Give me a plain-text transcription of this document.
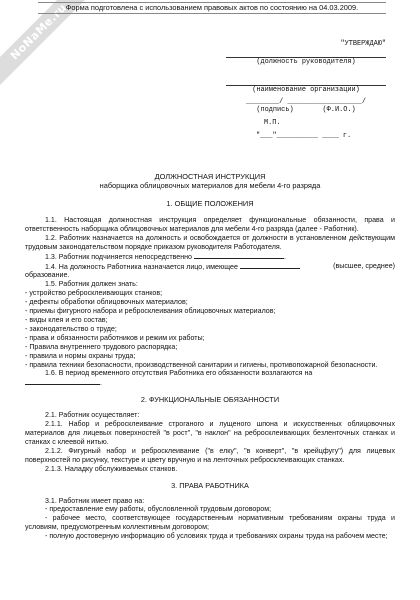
NoNaMe.ru
Форма подготовлена с использованием правовых актов по состоянию на 04.03.2009.
"УТВЕРЖДАЮ"
(должность руководителя)
(наименование организации)
________/ __________________/
(подпись)       (Ф.И.О.)
М.П.
"___"__________ ____ г.
ДОЛЖНОСТНАЯ ИНСТРУКЦИЯ
наборщика облицовочных материалов для мебели 4-го разряда
1. ОБЩИЕ ПОЛОЖЕНИЯ

1.1. Настоящая должностная инструкция определяет функциональные обязанности, права и ответственность наборщика облицовочных материалов для мебели 4-го разряда (далее - Работник).

1.2. Работник назначается на должность и освобождается от должности в установленном действующим трудовым законодательством порядке приказом руководителя Работодателя.

1.3. Работник подчиняется непосредственно	.

1.4. На должность Работника назначается лицо, имеющее	(высшее, среднее)

образование.

1.5. Работник должен знать:

- устройство ребросклеивающих станков;

- дефекты обработки облицовочных материалов;

- приемы фигурного набора и ребросклеивания облицовочных материалов;

- виды клея и его состав;

- законодательство о труде;

- права и обязанности работников и режим их работы;

- Правила внутреннего трудового распорядка;

- правила и нормы охраны труда;

- правила техники безопасности, производственной санитарии и гигиены, противопожарной безопасности.

1.6. В период временного отсутствия Работника его обязанности возлагаются на

.

2. ФУНКЦИОНАЛЬНЫЕ ОБЯЗАННОСТИ

2.1. Работник осуществляет:

2.1.1. Набор и ребросклеивание строганого и лущеного шпона и искусственных облицовочных материалов для лицевых поверхностей "в рост", "в наклон" на ребросклеивающих безленточных станках и станках с клеевой нитью.

2.1.2. Фигурный набор и ребросклеивание ("в елку", "в конверт", "в крейцфугу") для лицевых поверхностей по рисунку, текстуре и цвету вручную и на ленточных ребросклеивающих станках.

2.1.3. Наладку обслуживаемых станков.

3. ПРАВА РАБОТНИКА

3.1. Работник имеет право на:

- предоставление ему работы, обусловленной трудовым договором;

- рабочее место, соответствующее государственным нормативным требованиям охраны труда и условиям, предусмотренным коллективным договором;

- полную достоверную информацию об условиях труда и требованиях охраны труда на рабочем месте;
